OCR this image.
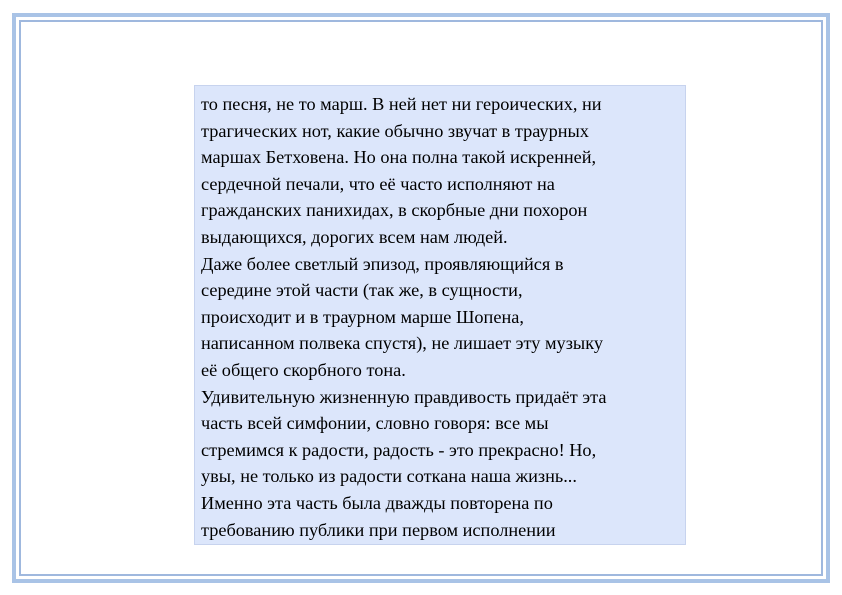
то песня, не то марш. В ней нет ни героических, ни
трагических нот, какие обычно звучат в траурных
маршах Бетховена. Но она полна такой искренней,
сердечной печали, что её часто исполняют на
гражданских панихидах, в скорбные дни похорон
выдающихся, дорогих всем нам людей.
Даже более светлый эпизод, проявляющийся в
середине этой части (так же, в сущности,
происходит и в траурном марше Шопена,
написанном полвека спустя), не лишает эту музыку
её общего скорбного тона.
Удивительную жизненную правдивость придаёт эта
часть всей симфонии, словно говоря: все мы
стремимся к радости, радость - это прекрасно! Но,
увы, не только из радости соткана наша жизнь...
Именно эта часть была дважды повторена по
требованию публики при первом исполнении
